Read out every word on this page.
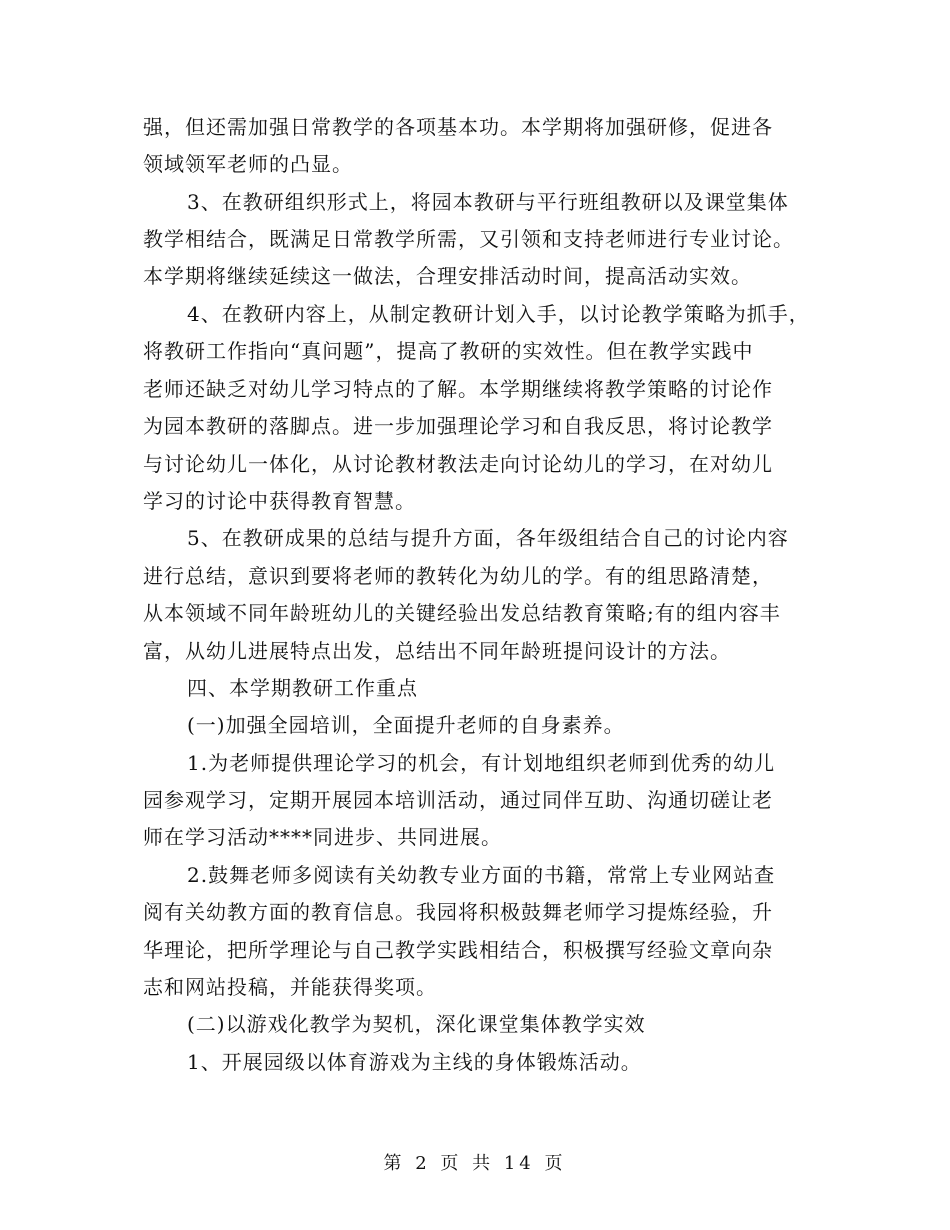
强，但还需加强日常教学的各项基本功。本学期将加强研修，促进各
领域领军老师的凸显。
3、在教研组织形式上，将园本教研与平行班组教研以及课堂集体
教学相结合，既满足日常教学所需，又引领和支持老师进行专业讨论。
本学期将继续延续这一做法，合理安排活动时间，提高活动实效。
4、在教研内容上，从制定教研计划入手，以讨论教学策略为抓手，
将教研工作指向“真问题”，提高了教研的实效性。但在教学实践中
老师还缺乏对幼儿学习特点的了解。本学期继续将教学策略的讨论作
为园本教研的落脚点。进一步加强理论学习和自我反思，将讨论教学
与讨论幼儿一体化，从讨论教材教法走向讨论幼儿的学习，在对幼儿
学习的讨论中获得教育智慧。
5、在教研成果的总结与提升方面，各年级组结合自己的讨论内容
进行总结，意识到要将老师的教转化为幼儿的学。有的组思路清楚，
从本领域不同年龄班幼儿的关键经验出发总结教育策略;有的组内容丰
富，从幼儿进展特点出发，总结出不同年龄班提问设计的方法。
四、本学期教研工作重点
(一)加强全园培训，全面提升老师的自身素养。
1.为老师提供理论学习的机会，有计划地组织老师到优秀的幼儿
园参观学习，定期开展园本培训活动，通过同伴互助、沟通切磋让老
师在学习活动****同进步、共同进展。
2.鼓舞老师多阅读有关幼教专业方面的书籍，常常上专业网站查
阅有关幼教方面的教育信息。我园将积极鼓舞老师学习提炼经验，升
华理论，把所学理论与自己教学实践相结合，积极撰写经验文章向杂
志和网站投稿，并能获得奖项。
(二)以游戏化教学为契机，深化课堂集体教学实效
1、开展园级以体育游戏为主线的身体锻炼活动。
第 2 页 共 14 页
